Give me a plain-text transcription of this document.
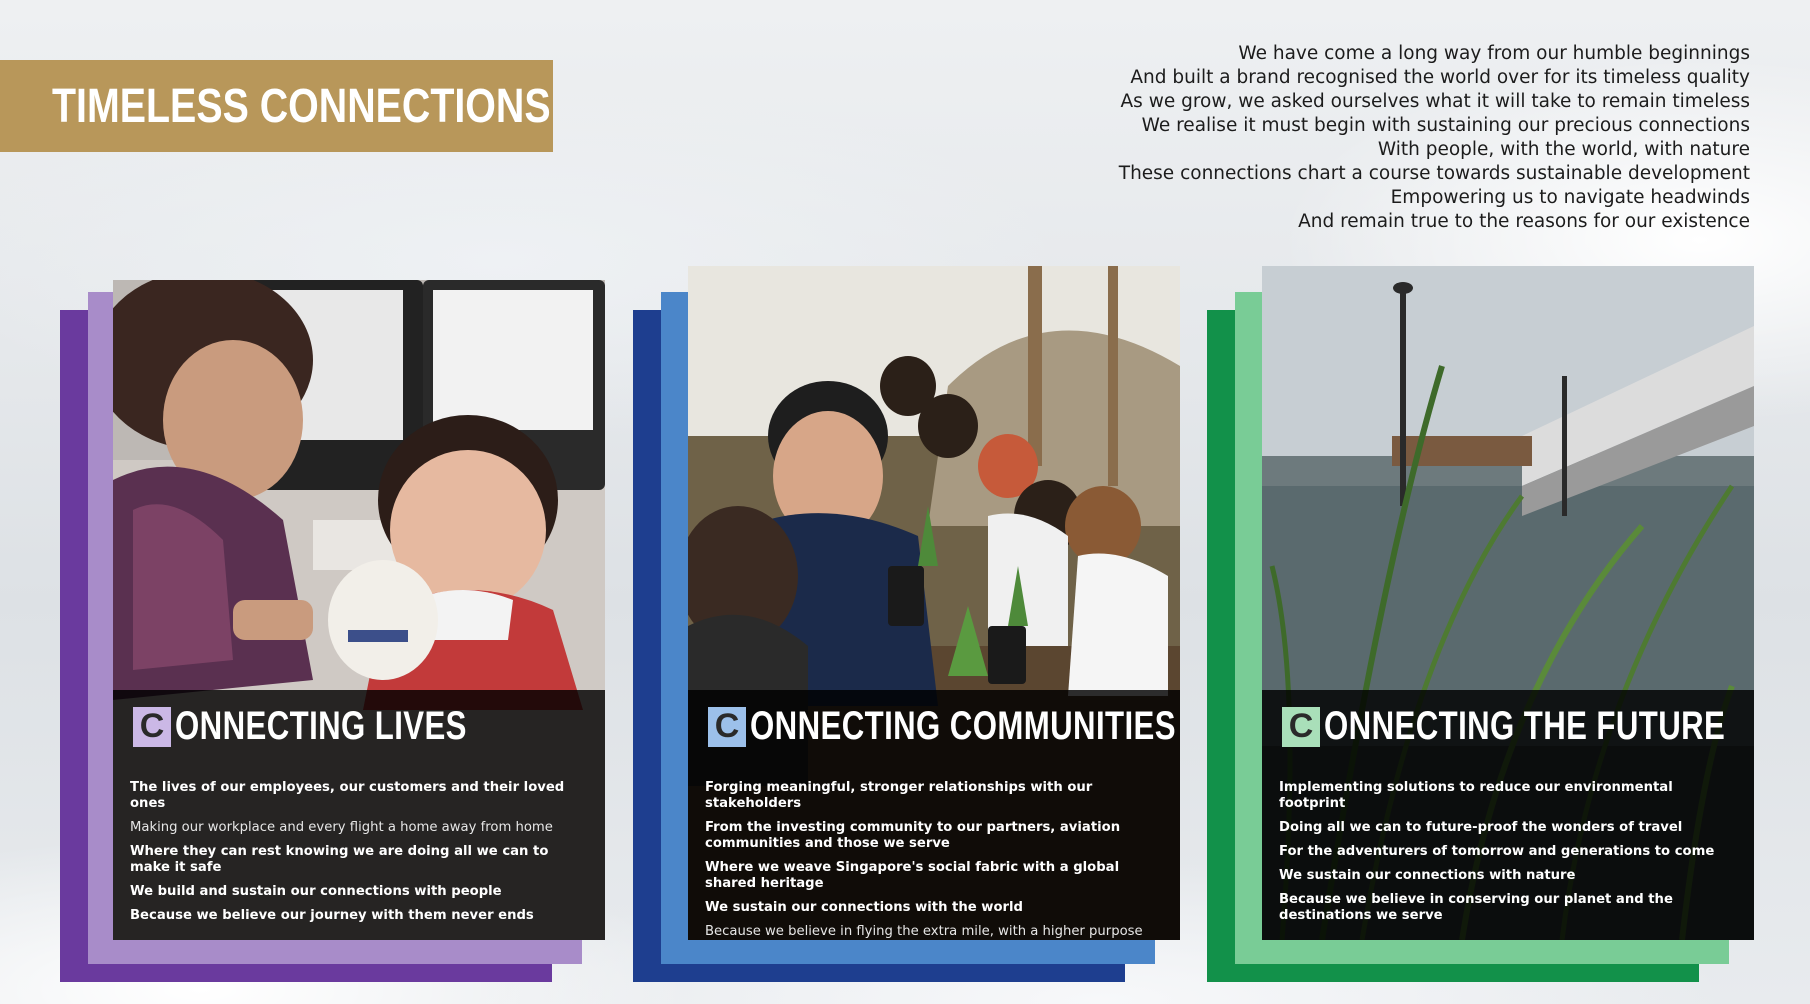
TIMELESS CONNECTIONS
We have come a long way from our humble beginnings
And built a brand recognised the world over for its timeless quality
As we grow, we asked ourselves what it will take to remain timeless
We realise it must begin with sustaining our precious connections
With people, with the world, with nature
These connections chart a course towards sustainable development
Empowering us to navigate headwinds
And remain true to the reasons for our existence
C ONNECTING LIVES
The lives of our employees, our customers and their loved ones
Making our workplace and every flight a home away from home
Where they can rest knowing we are doing all we can to make it safe
We build and sustain our connections with people
Because we believe our journey with them never ends
C ONNECTING COMMUNITIES
Forging meaningful, stronger relationships with our stakeholders
From the investing community to our partners, aviation communities and those we serve
Where we weave Singapore's social fabric with a global shared heritage
We sustain our connections with the world
Because we believe in flying the extra mile, with a higher purpose
C ONNECTING THE FUTURE
Implementing solutions to reduce our environmental footprint
Doing all we can to future-proof the wonders of travel
For the adventurers of tomorrow and generations to come
We sustain our connections with nature
Because we believe in conserving our planet and the destinations we serve
